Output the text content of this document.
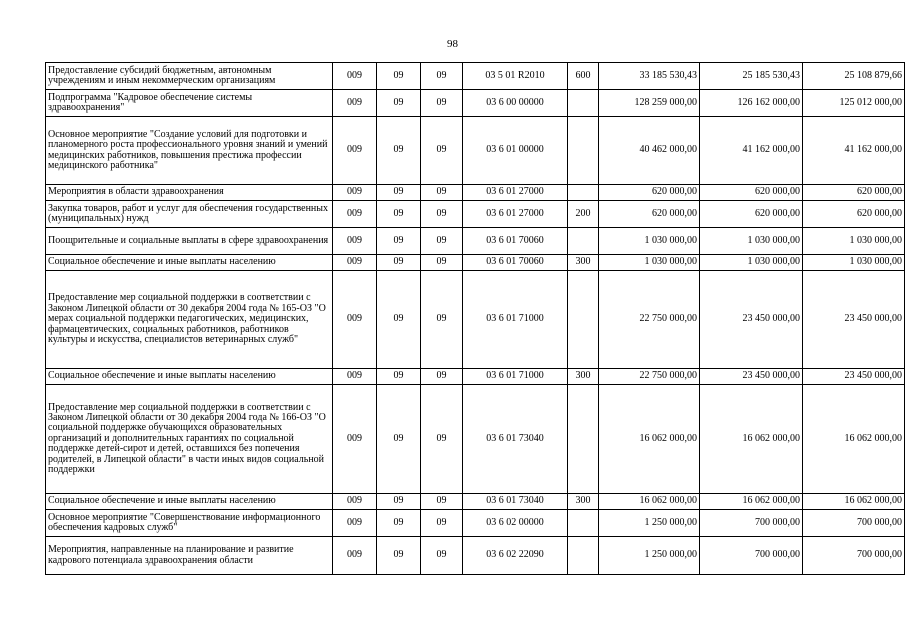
98
Предоставление субсидий бюджетным, автономным учреждениям и иным некоммерческим организациям	009	09	09	03 5 01 R2010	600	33 185 530,43	25 185 530,43	25 108 879,66
Подпрограмма "Кадровое обеспечение системы здравоохранения"	009	09	09	03 6 00 00000		128 259 000,00	126 162 000,00	125 012 000,00
Основное мероприятие "Создание условий для подготовки и планомерного роста профессионального уровня знаний и умений медицинских работников, повышения престижа профессии медицинского работника"	009	09	09	03 6 01 00000		40 462 000,00	41 162 000,00	41 162 000,00
Мероприятия в области здравоохранения	009	09	09	03 6 01 27000		620 000,00	620 000,00	620 000,00
Закупка товаров, работ и услуг для обеспечения государственных (муниципальных) нужд	009	09	09	03 6 01 27000	200	620 000,00	620 000,00	620 000,00
Поощрительные и социальные выплаты в сфере здравоохранения	009	09	09	03 6 01 70060		1 030 000,00	1 030 000,00	1 030 000,00
Социальное обеспечение и иные выплаты населению	009	09	09	03 6 01 70060	300	1 030 000,00	1 030 000,00	1 030 000,00
Предоставление мер социальной поддержки в соответствии с Законом Липецкой области от 30 декабря 2004 года № 165-ОЗ "О мерах социальной поддержки педагогических, медицинских, фармацевтических, социальных работников, работников культуры и искусства, специалистов ветеринарных служб"	009	09	09	03 6 01 71000		22 750 000,00	23 450 000,00	23 450 000,00
Социальное обеспечение и иные выплаты населению	009	09	09	03 6 01 71000	300	22 750 000,00	23 450 000,00	23 450 000,00
Предоставление мер социальной поддержки в соответствии с Законом Липецкой области от 30 декабря 2004 года № 166-ОЗ "О социальной поддержке обучающихся образовательных организаций и дополнительных гарантиях по социальной поддержке детей-сирот и детей, оставшихся без попечения родителей, в Липецкой области" в части иных видов социальной поддержки	009	09	09	03 6 01 73040		16 062 000,00	16 062 000,00	16 062 000,00
Социальное обеспечение и иные выплаты населению	009	09	09	03 6 01 73040	300	16 062 000,00	16 062 000,00	16 062 000,00
Основное мероприятие "Совершенствование информационного обеспечения кадровых служб"	009	09	09	03 6 02 00000		1 250 000,00	700 000,00	700 000,00
Мероприятия, направленные на планирование и развитие кадрового потенциала здравоохранения области	009	09	09	03 6 02 22090		1 250 000,00	700 000,00	700 000,00
